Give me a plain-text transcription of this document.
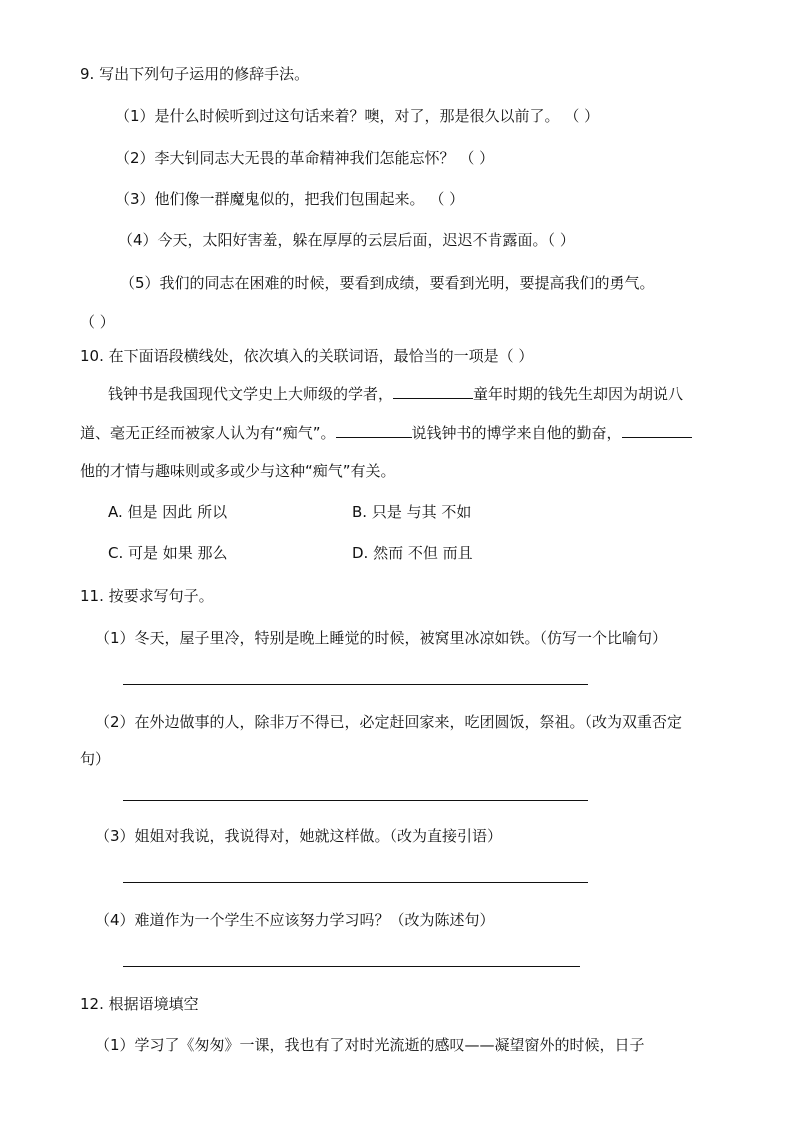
9. 写出下列句子运用的修辞手法。
（1）是什么时候听到过这句话来着？噢，对了，那是很久以前了。 （ ）
（2）李大钊同志大无畏的革命精神我们怎能忘怀？ （ ）
（3）他们像一群魔鬼似的，把我们包围起来。 （ ）
（4）今天，太阳好害羞，躲在厚厚的云层后面，迟迟不肯露面。（ ）
（5）我们的同志在困难的时候，要看到成绩，要看到光明，要提高我们的勇气。
（ ）
10. 在下面语段横线处，依次填入的关联词语，最恰当的一项是（ ）
钱钟书是我国现代文学史上大师级的学者，	童年时期的钱先生却因为胡说八
道、毫无正经而被家人认为有“痴气”。	说钱钟书的博学来自他的勤奋，
他的才情与趣味则或多或少与这种“痴气”有关。
A. 但是 因此 所以	B. 只是 与其 不如
C. 可是 如果 那么	D. 然而 不但 而且
11. 按要求写句子。
（1）冬天，屋子里冷，特别是晚上睡觉的时候，被窝里冰凉如铁。（仿写一个比喻句）
（2）在外边做事的人，除非万不得已，必定赶回家来，吃团圆饭，祭祖。（改为双重否定
句）
（3）姐姐对我说，我说得对，她就这样做。（改为直接引语）
（4）难道作为一个学生不应该努力学习吗？（改为陈述句）
12. 根据语境填空
（1）学习了《匆匆》一课，我也有了对时光流逝的感叹——凝望窗外的时候，日子
